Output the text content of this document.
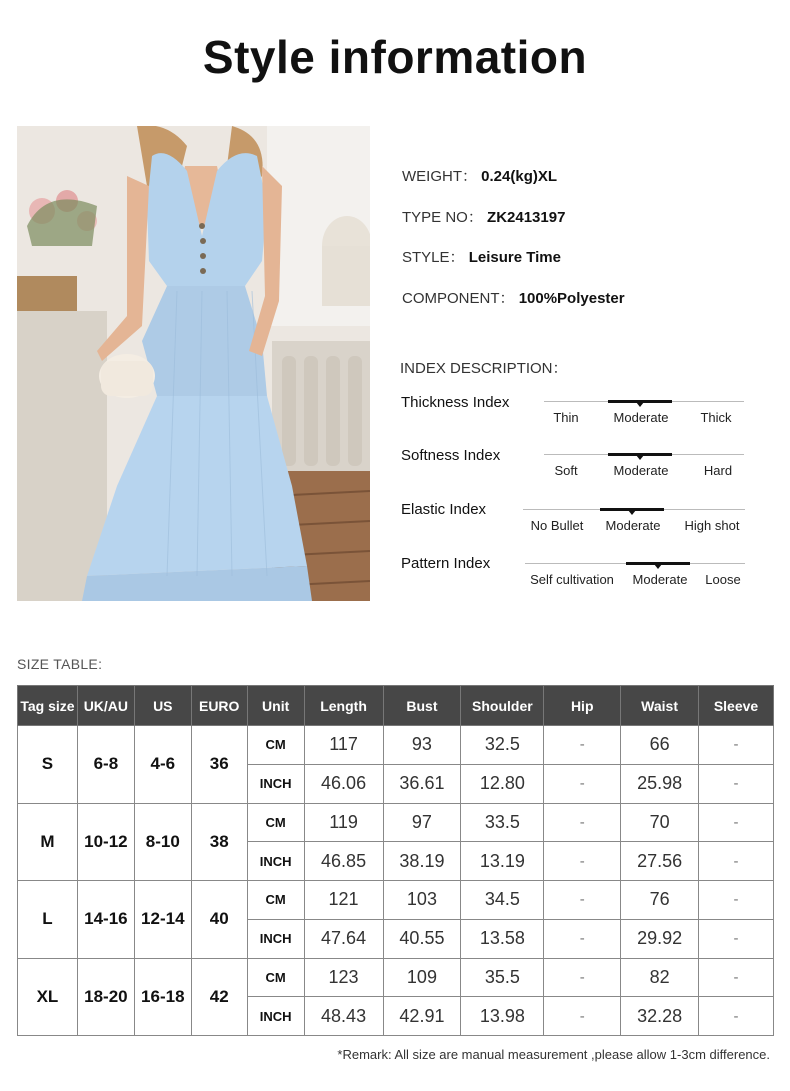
Style information
WEIGHT： 0.24(kg)XL
TYPE NO： ZK2413197
STYLE： Leisure Time
COMPONENT： 100%Polyester
INDEX DESCRIPTION：
Thickness Index
Thin	Moderate	Thick
Softness Index
Soft	Moderate	Hard
Elastic Index
No Bullet	Moderate	High shot
Pattern Index
Self cultivation	Moderate	Loose
SIZE TABLE:
Tag size	UK/AU	US	EURO	Unit	Length	Bust	Shoulder	Hip	Waist	Sleeve
S	6-8	4-6	36	CM	117	93	32.5	-	66	-
				INCH	46.06	36.61	12.80	-	25.98	-
M	10-12	8-10	38	CM	119	97	33.5	-	70	-
				INCH	46.85	38.19	13.19	-	27.56	-
L	14-16	12-14	40	CM	121	103	34.5	-	76	-
				INCH	47.64	40.55	13.58	-	29.92	-
XL	18-20	16-18	42	CM	123	109	35.5	-	82	-
				INCH	48.43	42.91	13.98	-	32.28	-
*Remark: All size are manual measurement ,please allow 1-3cm difference.
